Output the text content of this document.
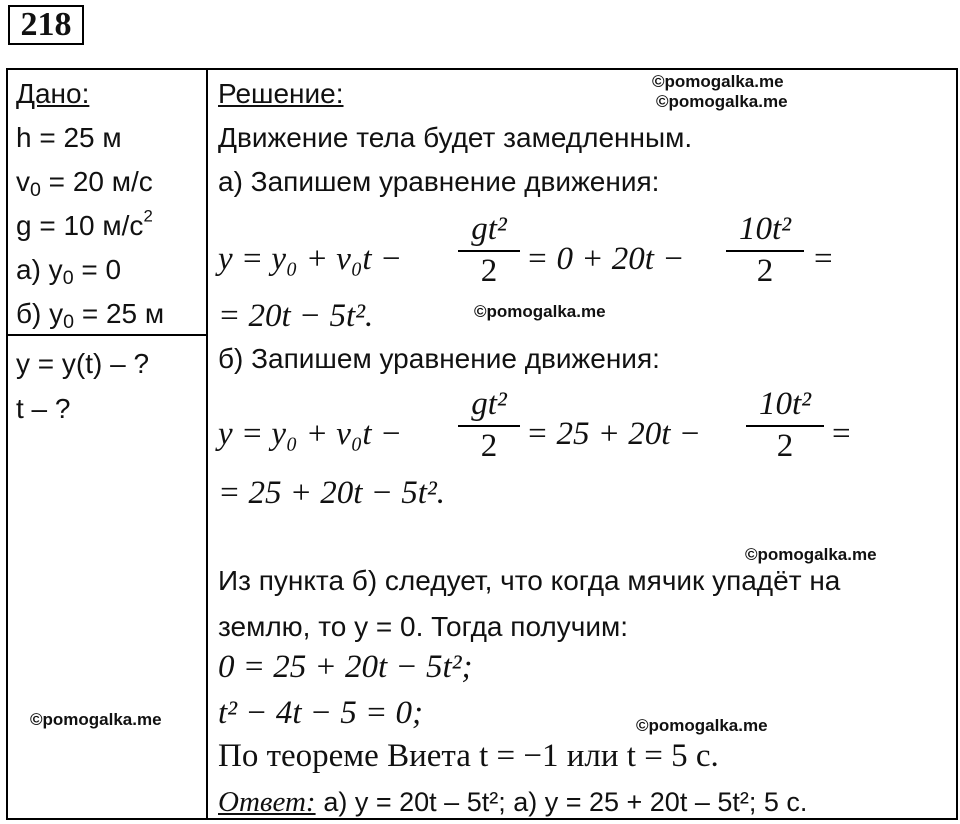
218
Дано:
h = 25 м
$v_0 = 20$ м/с
g = 10 $м/с^2$
а) $y_0 = 0$
б) $y_0 = 25$ м
y = y(t) – ?
t – ?
Решение:
Движение тела будет замедленным.
а) Запишем уравнение движения:
y = y₀ + v₀t −
gt²
2 = 0 + 20t −
10t²
2	=
= 20t − 5t².
б) Запишем уравнение движения:
y = y₀ + v₀t −
gt²
2 = 25 + 20t −
10t²
2	=
= 25 + 20t − 5t².
Из пункта б) следует, что когда мячик упадёт на
землю, то y = 0. Тогда получим:
0 = 25 + 20t − 5t²;
t² − 4t − 5 = 0;
По теореме Виета t = −1 или t = 5 с.
Ответ: а) y = 20t – 5t²; а) y = 25 + 20t – 5t²; 5 с.
©pomogalka.me
©pomogalka.me
©pomogalka.me
©pomogalka.me
©pomogalka.me
©pomogalka.me
